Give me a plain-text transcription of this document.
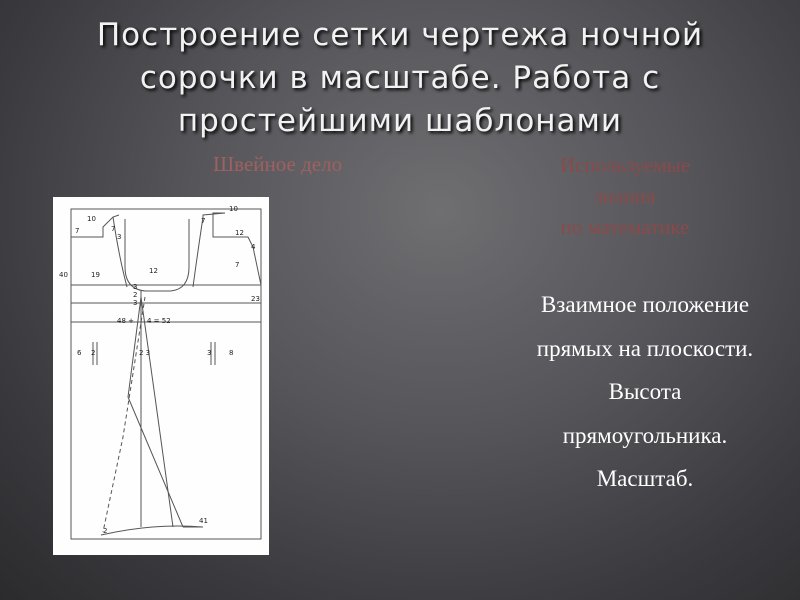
Построение сетки чертежа ночной
сорочки в масштабе. Работа с
простейшими шаблонами
Швейное дело	Используемые
знания
по математике
Взаимное положение
прямых на плоскости.
Высота
прямоугольника.
Масштаб.
10
7	7
3
7
10
12
4
7
40	19	12
3
2	23
3
48 + 4 = 52
6 2	2 3	3	8
2
41
